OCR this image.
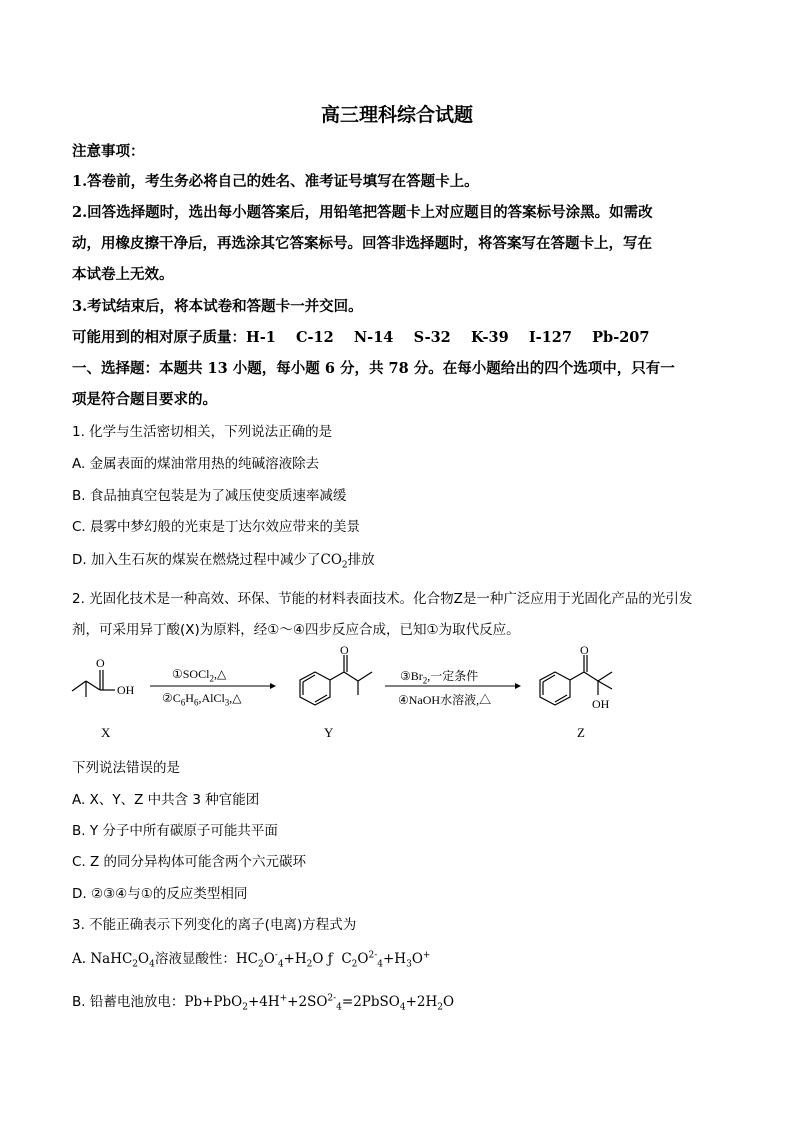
高三理科综合试题
注意事项：
1.答卷前，考生务必将自己的姓名、准考证号填写在答题卡上。
2.回答选择题时，选出每小题答案后，用铅笔把答题卡上对应题目的答案标号涂黑。如需改
动，用橡皮擦干净后，再选涂其它答案标号。回答非选择题时，将答案写在答题卡上，写在
本试卷上无效。
3.考试结束后，将本试卷和答题卡一并交回。
可能用到的相对原子质量：H-1    C-12    N-14    S-32    K-39    I-127    Pb-207
一、选择题：本题共 13 小题，每小题 6 分，共 78 分。在每小题给出的四个选项中，只有一
项是符合题目要求的。
1. 化学与生活密切相关，下列说法正确的是
A. 金属表面的煤油常用热的纯碱溶液除去
B. 食品抽真空包装是为了减压使变质速率减缓
C. 晨雾中梦幻般的光束是丁达尔效应带来的美景
D. 加入生石灰的煤炭在燃烧过程中减少了$CO_2$排放
2. 光固化技术是一种高效、环保、节能的材料表面技术。化合物Z是一种广泛应用于光固化产品的光引发
剂，可采用异丁酸(X)为原料，经①～④四步反应合成，已知①为取代反应。
O
OH
O	O
OH
①SOCl$_2$,△
$②C_6H_6,AlCl_3,\triangle$
$③Br_2$,一定条件
④NaOH水溶液,△
X	Y	Z
下列说法错误的是
A. X、Y、Z 中共含 3 种官能团
B. Y 分子中所有碳原子可能共平面
C. Z 的同分异构体可能含两个六元碳环
D. ②③④与①的反应类型相同
3. 不能正确表示下列变化的离子(电离)方程式为
A. $NaHC_2O_4$溶液显酸性：$HC_2O^-_4+H_2O$ ƒ  $C_2O^{2-}_4+H_3O^+$
B. 铅蓄电池放电：$Pb+PbO_2+4H^++2SO^{2-}_4=2PbSO_4+2H_2O$
